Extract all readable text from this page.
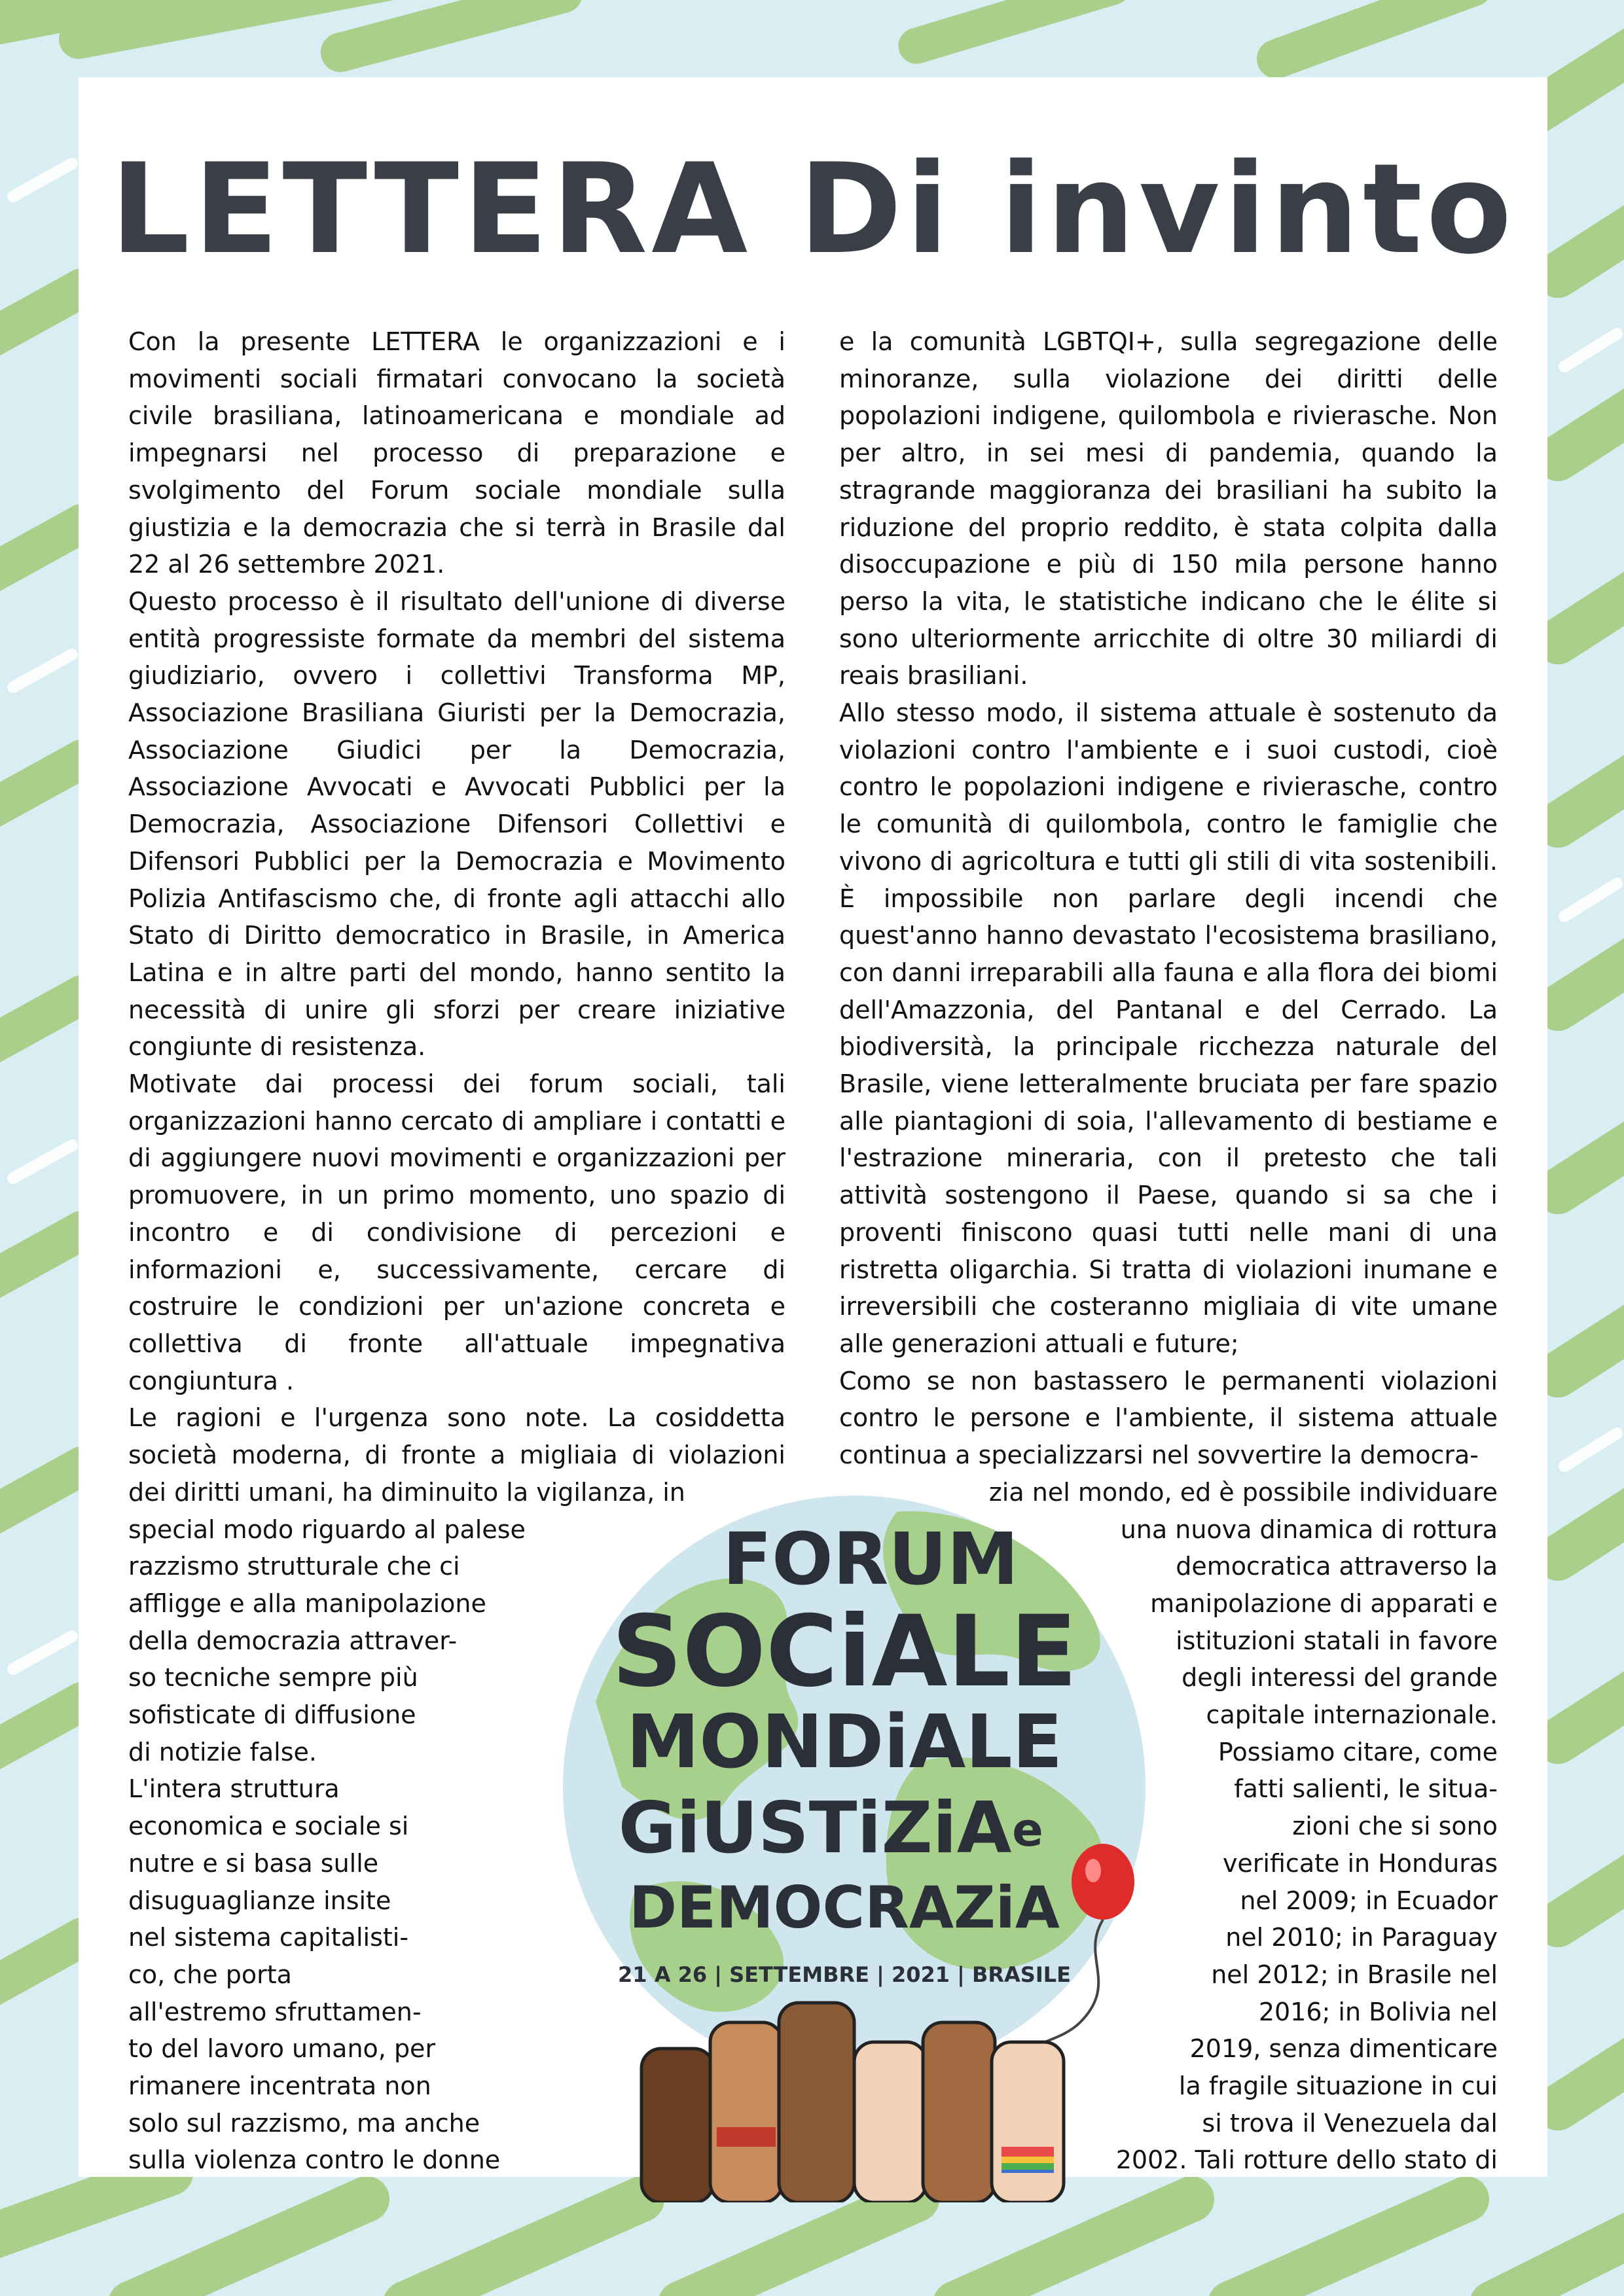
LETTERA Di invinto

Con la presente LETTERA le organizzazioni e i movimenti sociali firmatari convocano la società civile brasiliana, latinoamericana e mondiale ad impegnarsi nel processo di preparazione e svolgimento del Forum sociale mondiale sulla giustizia e la democrazia che si terrà in Brasile dal 22 al 26 settembre 2021.

Questo processo è il risultato dell'unione di diverse entità progressiste formate da membri del sistema giudiziario, ovvero i collettivi Transforma MP, Associazione Brasiliana Giuristi per la Democrazia, Associazione Giudici per la Democrazia, Associazione Avvocati e Avvocati Pubblici per la Democrazia, Associazione Difensori Collettivi e Difensori Pubblici per la Democrazia e Movimento Polizia Antifascismo che, di fronte agli attacchi allo Stato di Diritto democratico in Brasile, in America Latina e in altre parti del mondo, hanno sentito la necessità di unire gli sforzi per creare iniziative congiunte di resistenza.

Motivate dai processi dei forum sociali, tali organizzazioni hanno cercato di ampliare i contatti e di aggiungere nuovi movimenti e organizzazioni per promuovere, in un primo momento, uno spazio di incontro e di condivisione di percezioni e informazioni e, successivamente, cercare di costruire le condizioni per un'azione concreta e collettiva di fronte all'attuale impegnativa congiuntura .

Le ragioni e l'urgenza sono note. La cosiddetta società moderna, di fronte a migliaia di violazioni dei diritti umani, ha diminuito la vigilanza, in

special modo riguardo al palese

razzismo strutturale che ci

affligge e alla manipolazione

della democrazia attraver-

so tecniche sempre più

sofisticate di diffusione

di notizie false.

L'intera struttura

economica e sociale si

nutre e si basa sulle

disuguaglianze insite

nel sistema capitalisti-

co, che porta

all'estremo sfruttamen-

to del lavoro umano, per

rimanere incentrata non

solo sul razzismo, ma anche

sulla violenza contro le donne

e la comunità LGBTQI+, sulla segregazione delle minoranze, sulla violazione dei diritti delle popolazioni indigene, quilombola e rivierasche. Non per altro, in sei mesi di pandemia, quando la stragrande maggioranza dei brasiliani ha subito la riduzione del proprio reddito, è stata colpita dalla disoccupazione e più di 150 mila persone hanno perso la vita, le statistiche indicano che le élite si sono ulteriormente arricchite di oltre 30 miliardi di reais brasiliani.

Allo stesso modo, il sistema attuale è sostenuto da violazioni contro l'ambiente e i suoi custodi, cioè contro le popolazioni indigene e rivierasche, contro le comunità di quilombola, contro le famiglie che vivono di agricoltura e tutti gli stili di vita sostenibili. È impossibile non parlare degli incendi che quest'anno hanno devastato l'ecosistema brasiliano, con danni irreparabili alla fauna e alla flora dei biomi dell'Amazzonia, del Pantanal e del Cerrado. La biodiversità, la principale ricchezza naturale del Brasile, viene letteralmente bruciata per fare spazio alle piantagioni di soia, l'allevamento di bestiame e l'estrazione mineraria, con il pretesto che tali attività sostengono il Paese, quando si sa che i proventi finiscono quasi tutti nelle mani di una ristretta oligarchia. Si tratta di violazioni inumane e irreversibili che costeranno migliaia di vite umane alle generazioni attuali e future;

Como se non bastassero le permanenti violazioni contro le persone e l'ambiente, il sistema attuale continua a specializzarsi nel sovvertire la democra-

zia nel mondo, ed è possibile individuare

una nuova dinamica di rottura

democratica attraverso la

manipolazione di apparati e

istituzioni statali in favore

degli interessi del grande

capitale internazionale.

Possiamo citare, come

fatti salienti, le situa-

zioni che si sono

verificate in Honduras

nel 2009; in Ecuador

nel 2010; in Paraguay

nel 2012; in Brasile nel

2016; in Bolivia nel

2019, senza dimenticare

la fragile situazione in cui

si trova il Venezuela dal

2002. Tali rotture dello stato di

FORUM
SOCiALE
MONDiALE
GiUSTiZiA e
DEMOCRAZiA
21 A 26 | SETTEMBRE | 2021 | BRASILE
